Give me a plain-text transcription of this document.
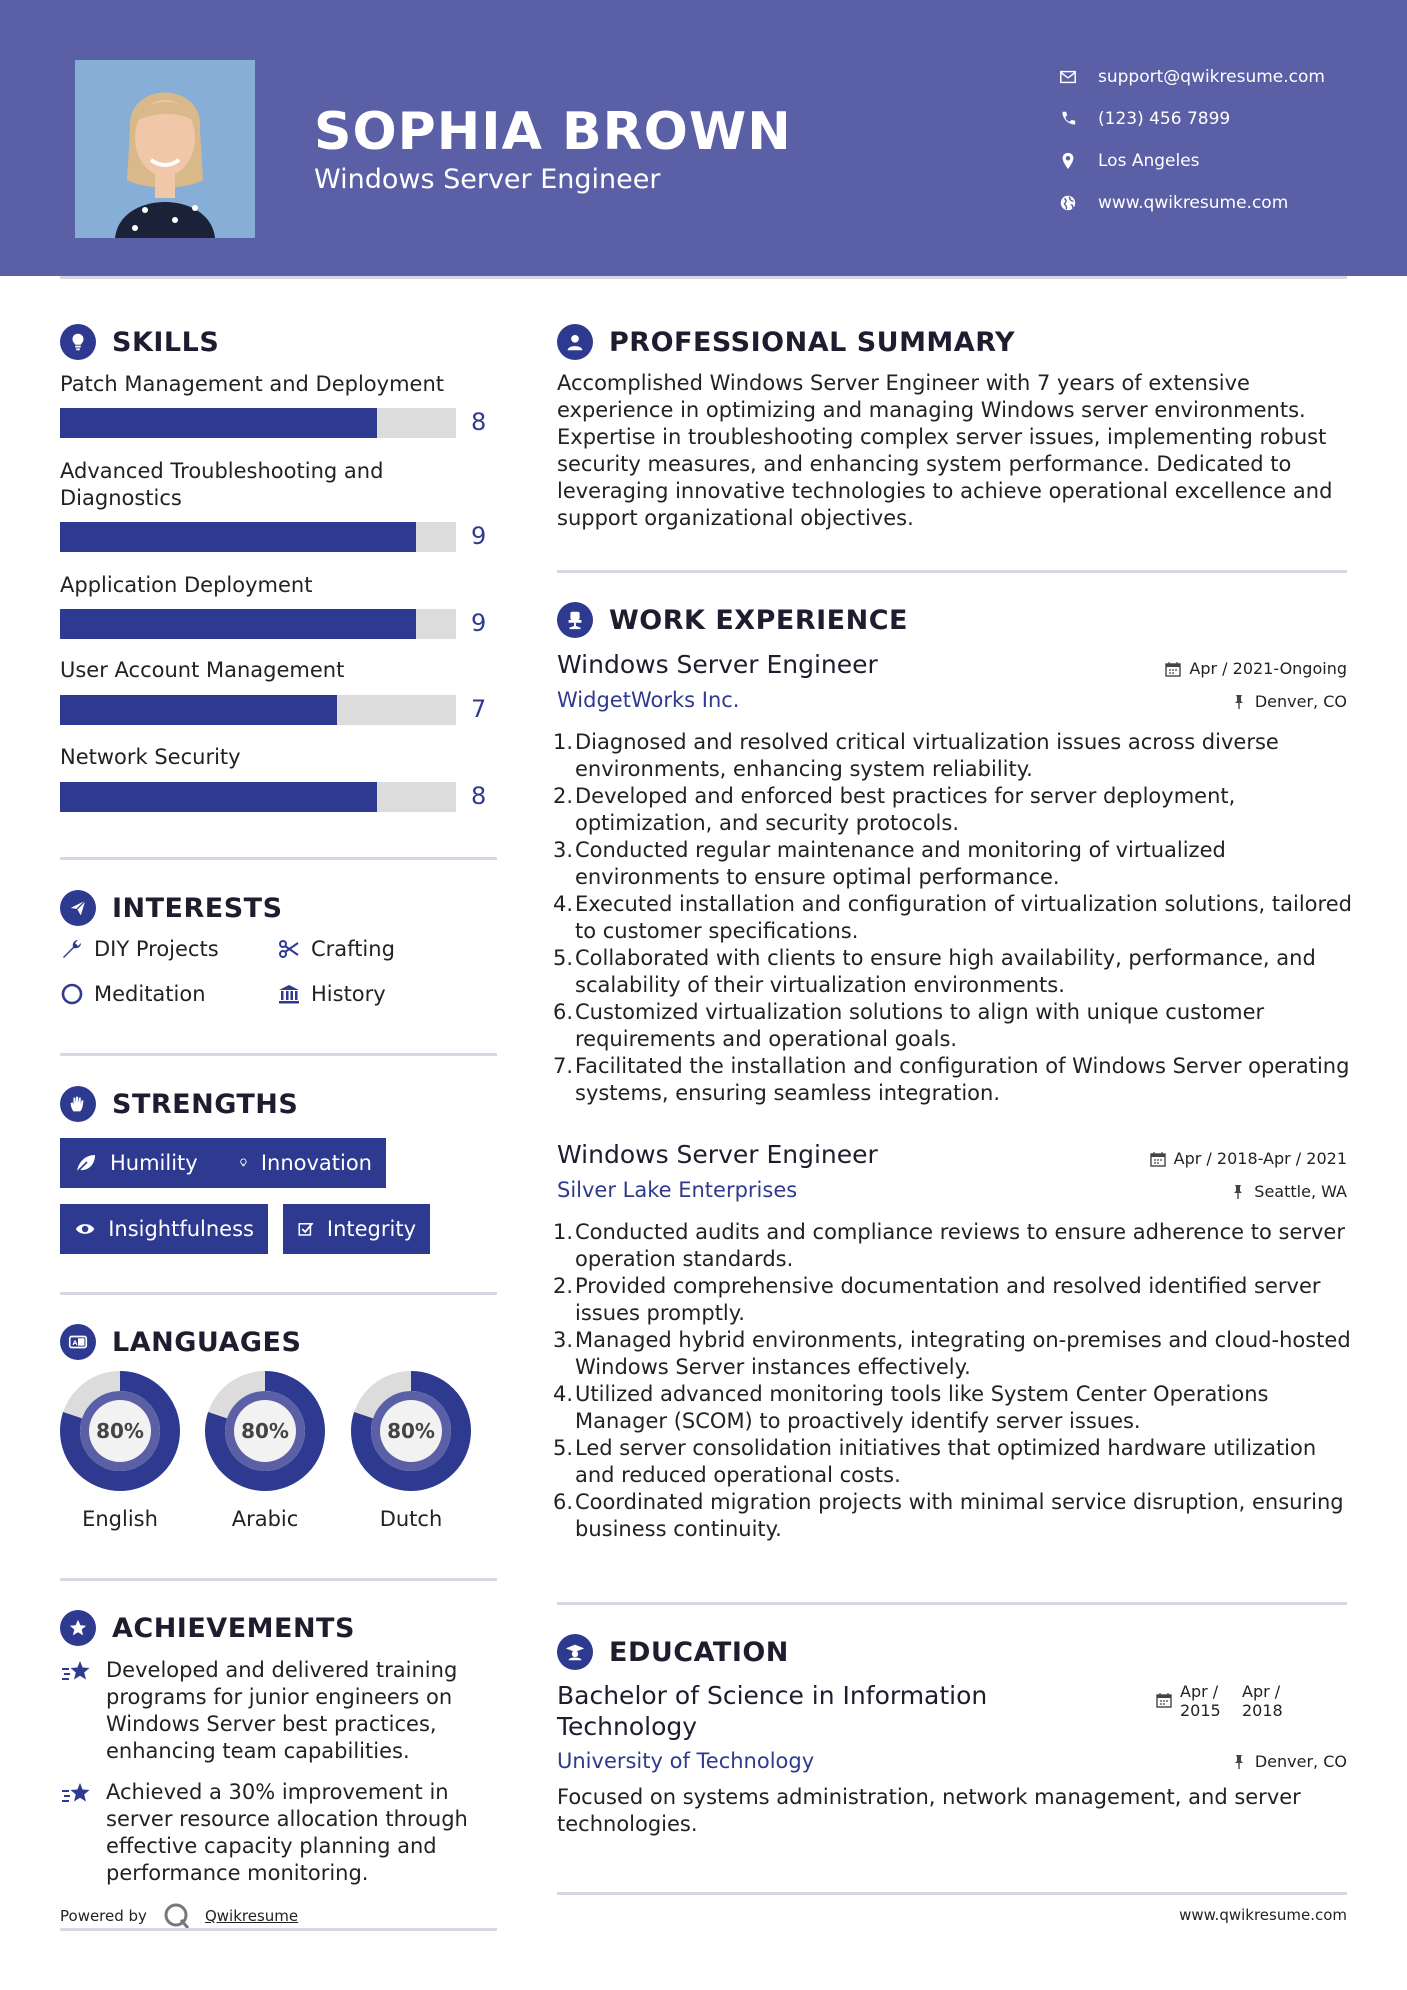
SOPHIA BROWN
Windows Server Engineer
support@qwikresume.com
(123) 456 7899
Los Angeles
www.qwikresume.com
SKILLS
Patch Management and Deployment
8
Advanced Troubleshooting and Diagnostics
9
Application Deployment
9
User Account Management
7
Network Security
8
INTERESTS
DIY Projects	Crafting
Meditation	History
STRENGTHS
Humility	Innovation
Insightfulness	Integrity
A LANGUAGES
80%
English
80%
Arabic
80%
Dutch
ACHIEVEMENTS
Developed and delivered training programs for junior engineers on Windows Server best practices, enhancing team capabilities.
Achieved a 30% improvement in server resource allocation through effective capacity planning and performance monitoring.
Powered by	Qwikresume
PROFESSIONAL SUMMARY
Accomplished Windows Server Engineer with 7 years of extensive experience in optimizing and managing Windows server environments. Expertise in troubleshooting complex server issues, implementing robust security measures, and enhancing system performance. Dedicated to leveraging innovative technologies to achieve operational excellence and support organizational objectives.
WORK EXPERIENCE
Windows Server Engineer	Apr / 2021-Ongoing
WidgetWorks Inc.	Denver, CO
1. Diagnosed and resolved critical virtualization issues across diverse environments, enhancing system reliability.
2. Developed and enforced best practices for server deployment, optimization, and security protocols.
3. Conducted regular maintenance and monitoring of virtualized environments to ensure optimal performance.
4. Executed installation and configuration of virtualization solutions, tailored to customer specifications.
5. Collaborated with clients to ensure high availability, performance, and scalability of their virtualization environments.
6. Customized virtualization solutions to align with unique customer requirements and operational goals.
7. Facilitated the installation and configuration of Windows Server operating systems, ensuring seamless integration.
Windows Server Engineer	Apr / 2018-Apr / 2021
Silver Lake Enterprises	Seattle, WA
1. Conducted audits and compliance reviews to ensure adherence to server operation standards.
2. Provided comprehensive documentation and resolved identified server issues promptly.
3. Managed hybrid environments, integrating on-premises and cloud-hosted Windows Server instances effectively.
4. Utilized advanced monitoring tools like System Center Operations Manager (SCOM) to proactively identify server issues.
5. Led server consolidation initiatives that optimized hardware utilization and reduced operational costs.
6. Coordinated migration projects with minimal service disruption, ensuring business continuity.
EDUCATION
Bachelor of Science in Information Technology
Apr / 2015
Apr / 2018
University of Technology	Denver, CO
Focused on systems administration, network management, and server technologies.
www.qwikresume.com
